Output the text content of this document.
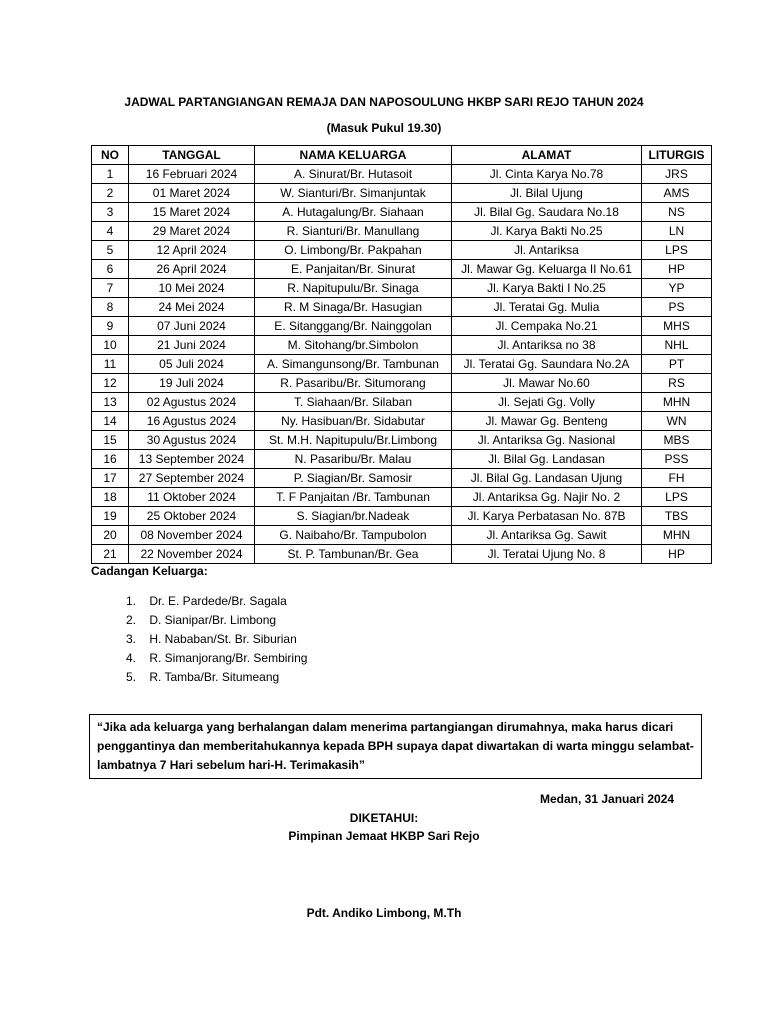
JADWAL PARTANGIANGAN REMAJA DAN NAPOSOULUNG HKBP SARI REJO TAHUN 2024
(Masuk Pukul 19.30)
NO	TANGGAL	NAMA KELUARGA	ALAMAT	LITURGIS
1	16 Februari 2024	A. Sinurat/Br. Hutasoit	Jl. Cinta Karya No.78	JRS
2	01 Maret 2024	W. Sianturi/Br. Simanjuntak	Jl. Bilal Ujung	AMS
3	15 Maret 2024	A. Hutagalung/Br. Siahaan	Jl. Bilal Gg. Saudara No.18	NS
4	29 Maret 2024	R. Sianturi/Br. Manullang	Jl. Karya Bakti No.25	LN
5	12 April 2024	O. Limbong/Br. Pakpahan	Jl. Antariksa	LPS
6	26 April 2024	E. Panjaitan/Br. Sinurat	Jl. Mawar Gg. Keluarga II No.61	HP
7	10 Mei 2024	R. Napitupulu/Br. Sinaga	Jl. Karya Bakti I No.25	YP
8	24 Mei 2024	R. M Sinaga/Br. Hasugian	Jl. Teratai Gg. Mulia	PS
9	07 Juni 2024	E. Sitanggang/Br. Nainggolan	Jl. Cempaka No.21	MHS
10	21 Juni 2024	M. Sitohang/br.Simbolon	Jl. Antariksa no 38	NHL
11	05 Juli 2024	A. Simangunsong/Br. Tambunan	Jl. Teratai Gg. Saundara No.2A	PT
12	19 Juli 2024	R. Pasaribu/Br. Situmorang	Jl. Mawar No.60	RS
13	02 Agustus 2024	T. Siahaan/Br. Silaban	Jl. Sejati Gg. Volly	MHN
14	16 Agustus 2024	Ny. Hasibuan/Br. Sidabutar	Jl. Mawar Gg. Benteng	WN
15	30 Agustus 2024	St. M.H. Napitupulu/Br.Limbong	Jl. Antariksa Gg. Nasional	MBS
16	13 September 2024	N. Pasaribu/Br. Malau	Jl. Bilal Gg. Landasan	PSS
17	27 September 2024	P. Siagian/Br. Samosir	Jl. Bilal Gg. Landasan Ujung	FH
18	11 Oktober 2024	T. F Panjaitan /Br. Tambunan	Jl. Antariksa Gg. Najir No. 2	LPS
19	25 Oktober 2024	S. Siagian/br.Nadeak	Jl. Karya Perbatasan No. 87B	TBS
20	08 November 2024	G. Naibaho/Br. Tampubolon	Jl. Antariksa Gg. Sawit	MHN
21	22 November 2024	St. P. Tambunan/Br. Gea	Jl. Teratai Ujung No. 8	HP
Cadangan Keluarga:
1. Dr. E. Pardede/Br. Sagala
2. D. Sianipar/Br. Limbong
3. H. Nababan/St. Br. Siburian
4. R. Simanjorang/Br. Sembiring
5. R. Tamba/Br. Situmeang
“Jika ada keluarga yang berhalangan dalam menerima partangiangan dirumahnya, maka harus dicari penggantinya dan memberitahukannya kepada BPH supaya dapat diwartakan di warta minggu selambat-lambatnya 7 Hari sebelum hari-H. Terimakasih”
Medan, 31 Januari 2024
DIKETAHUI:
Pimpinan Jemaat HKBP Sari Rejo
Pdt. Andiko Limbong, M.Th
